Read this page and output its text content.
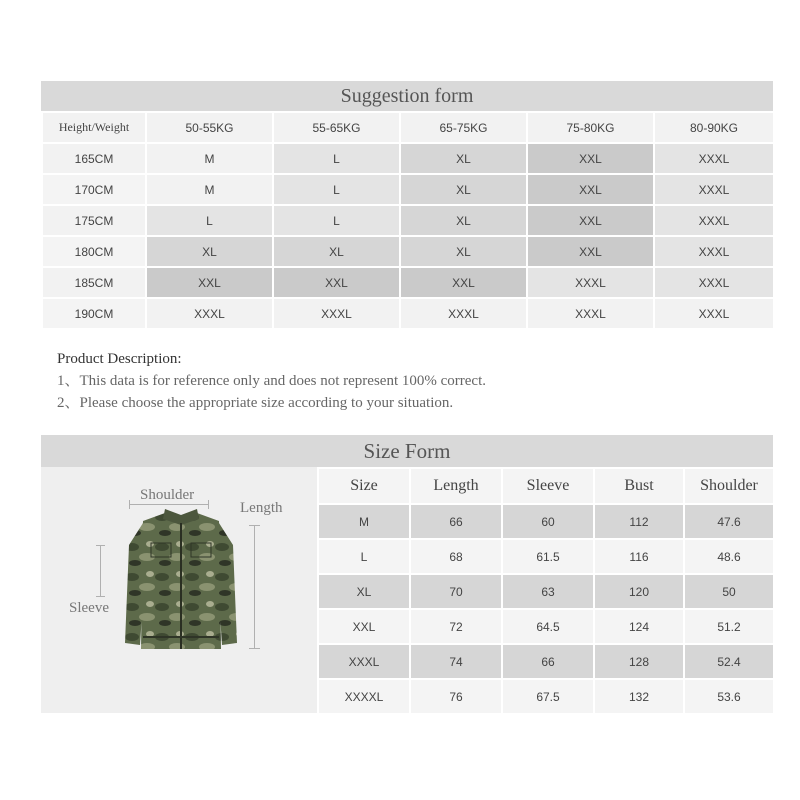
Suggestion form
Height/Weight	50-55KG	55-65KG	65-75KG	75-80KG	80-90KG
165CM	M	L	XL	XXL	XXXL
170CM	M	L	XL	XXL	XXXL
175CM	L	L	XL	XXL	XXXL
180CM	XL	XL	XL	XXL	XXXL
185CM	XXL	XXL	XXL	XXXL	XXXL
190CM	XXXL	XXXL	XXXL	XXXL	XXXL
Product Description:
1、This data is for reference only and does not represent 100% correct.
2、Please choose the appropriate size according to your situation.
Size Form
Shoulder
Length
Sleeve
Size	Length	Sleeve	Bust	Shoulder
M	66	60	112	47.6
L	68	61.5	116	48.6
XL	70	63	120	50
XXL	72	64.5	124	51.2
XXXL	74	66	128	52.4
XXXXL	76	67.5	132	53.6
